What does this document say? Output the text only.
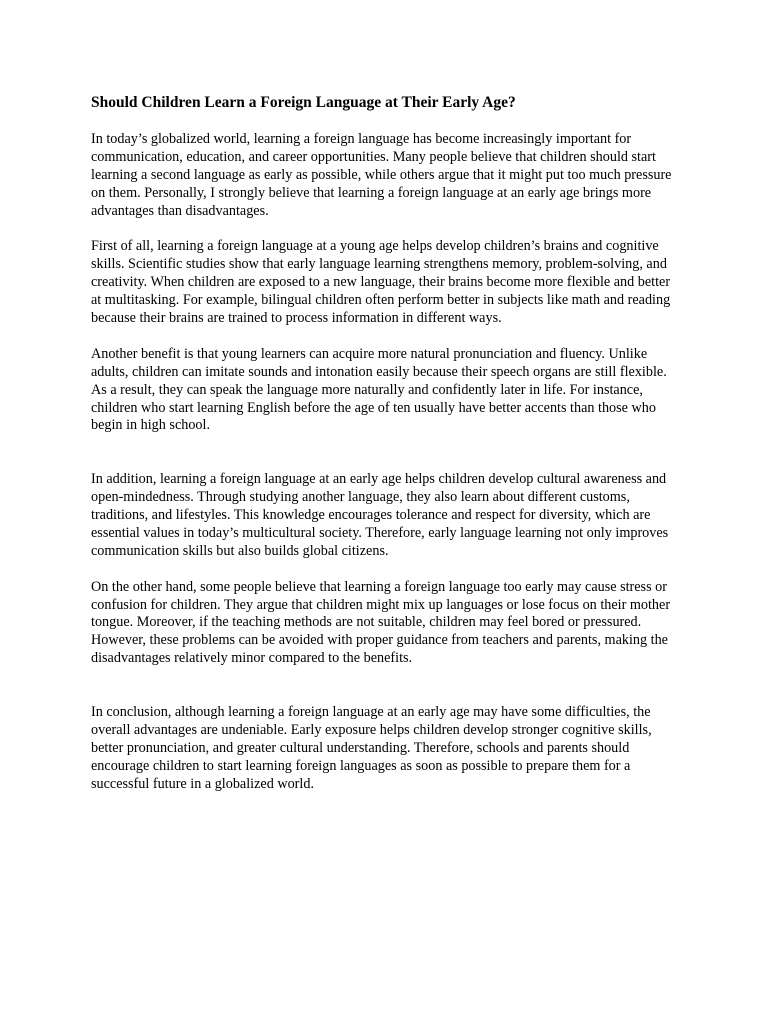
Should Children Learn a Foreign Language at Their Early Age?

In today’s globalized world, learning a foreign language has become increasingly important for communication, education, and career opportunities. Many people believe that children should start learning a second language as early as possible, while others argue that it might put too much pressure on them. Personally, I strongly believe that learning a foreign language at an early age brings more advantages than disadvantages.

First of all, learning a foreign language at a young age helps develop children’s brains and cognitive skills. Scientific studies show that early language learning strengthens memory, problem-solving, and creativity. When children are exposed to a new language, their brains become more flexible and better at multitasking. For example, bilingual children often perform better in subjects like math and reading because their brains are trained to process information in different ways.

Another benefit is that young learners can acquire more natural pronunciation and fluency. Unlike adults, children can imitate sounds and intonation easily because their speech organs are still flexible. As a result, they can speak the language more naturally and confidently later in life. For instance, children who start learning English before the age of ten usually have better accents than those who begin in high school.

In addition, learning a foreign language at an early age helps children develop cultural awareness and open-mindedness. Through studying another language, they also learn about different customs, traditions, and lifestyles. This knowledge encourages tolerance and respect for diversity, which are essential values in today’s multicultural society. Therefore, early language learning not only improves communication skills but also builds global citizens.

On the other hand, some people believe that learning a foreign language too early may cause stress or confusion for children. They argue that children might mix up languages or lose focus on their mother tongue. Moreover, if the teaching methods are not suitable, children may feel bored or pressured. However, these problems can be avoided with proper guidance from teachers and parents, making the disadvantages relatively minor compared to the benefits.

In conclusion, although learning a foreign language at an early age may have some difficulties, the overall advantages are undeniable. Early exposure helps children develop stronger cognitive skills, better pronunciation, and greater cultural understanding. Therefore, schools and parents should encourage children to start learning foreign languages as soon as possible to prepare them for a successful future in a globalized world.
